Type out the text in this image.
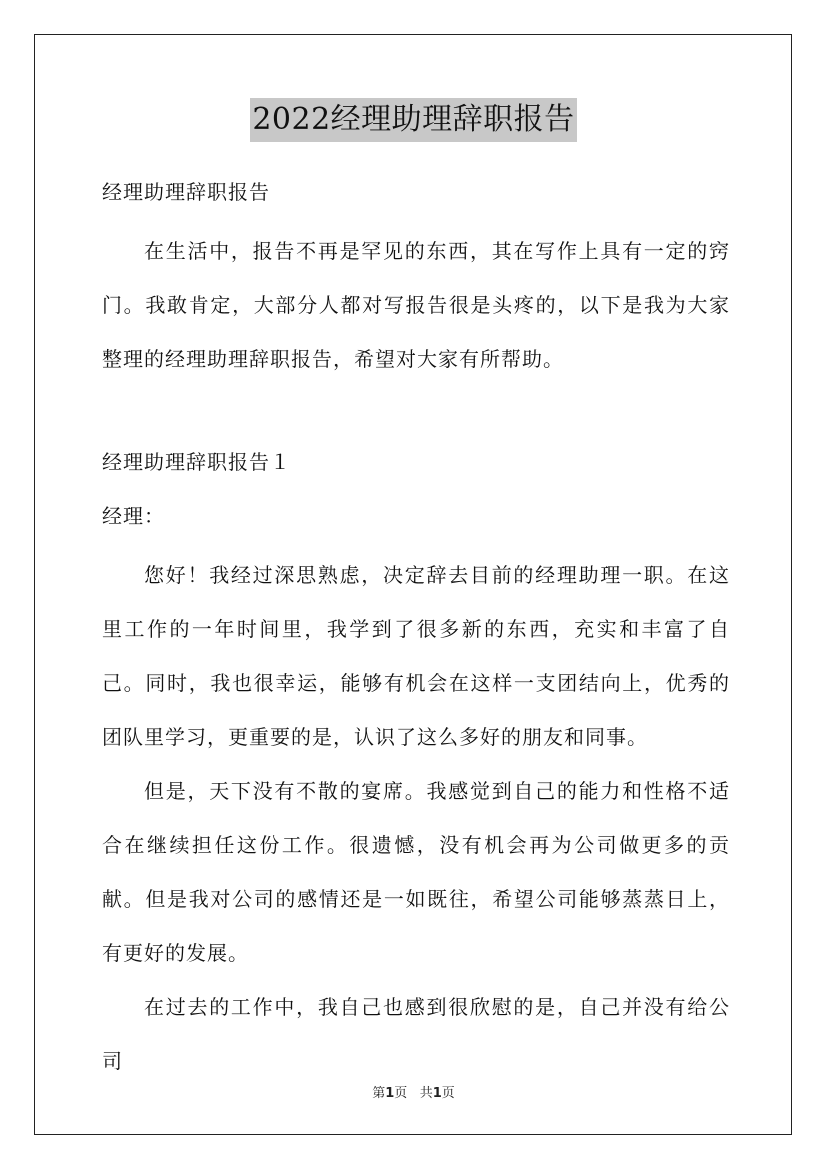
2022经理助理辞职报告
经理助理辞职报告

在生活中，报告不再是罕见的东西，其在写作上具有一定的窍门。我敢肯定，大部分人都对写报告很是头疼的，以下是我为大家整理的经理助理辞职报告，希望对大家有所帮助。

经理助理辞职报告１
经理：

您好！我经过深思熟虑，决定辞去目前的经理助理一职。在这里工作的一年时间里，我学到了很多新的东西，充实和丰富了自己。同时，我也很幸运，能够有机会在这样一支团结向上，优秀的团队里学习，更重要的是，认识了这么多好的朋友和同事。

但是，天下没有不散的宴席。我感觉到自己的能力和性格不适合在继续担任这份工作。很遗憾，没有机会再为公司做更多的贡献。但是我对公司的感情还是一如既往，希望公司能够蒸蒸日上，有更好的发展。

在过去的工作中，我自己也感到很欣慰的是，自己并没有给公司

第1页 共1页
